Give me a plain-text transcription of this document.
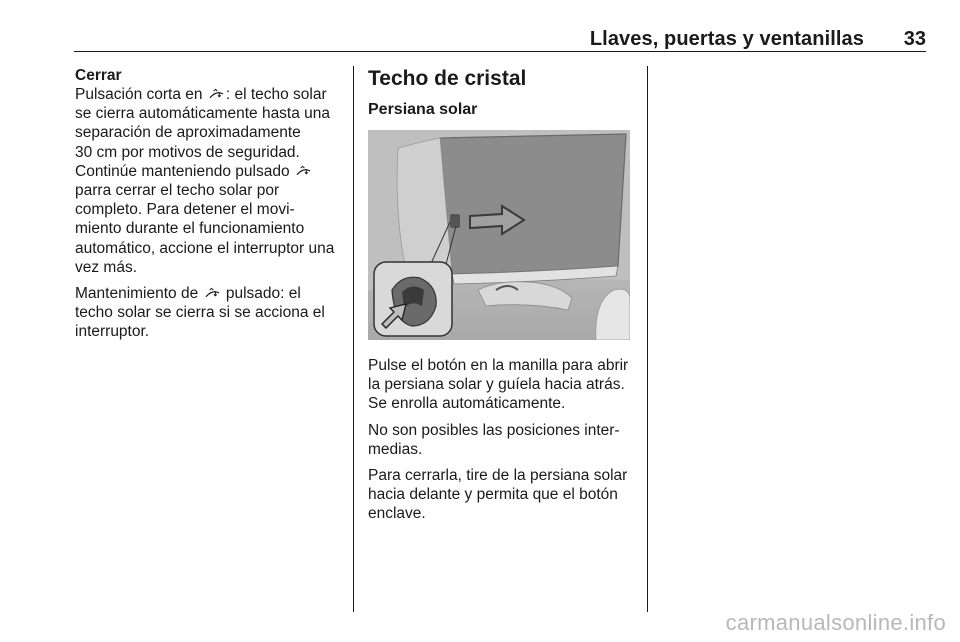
Llaves, puertas y ventanillas 33
Cerrar

Pulsación corta en : el techo solar
se cierra automáticamente hasta una
separación de aproximadamente
30 cm por motivos de seguridad.
Continúe manteniendo pulsado
parra cerrar el techo solar por
completo. Para detener el movi-
miento durante el funcionamiento
automático, accione el interruptor una
vez más.

Mantenimiento de pulsado: el
techo solar se cierra si se acciona el
interruptor.

Techo de cristal
Persiana solar

Pulse el botón en la manilla para abrir
la persiana solar y guíela hacia atrás.
Se enrolla automáticamente.

No son posibles las posiciones inter-
medias.

Para cerrarla, tire de la persiana solar
hacia delante y permita que el botón
enclave.

carmanualsonline.info
